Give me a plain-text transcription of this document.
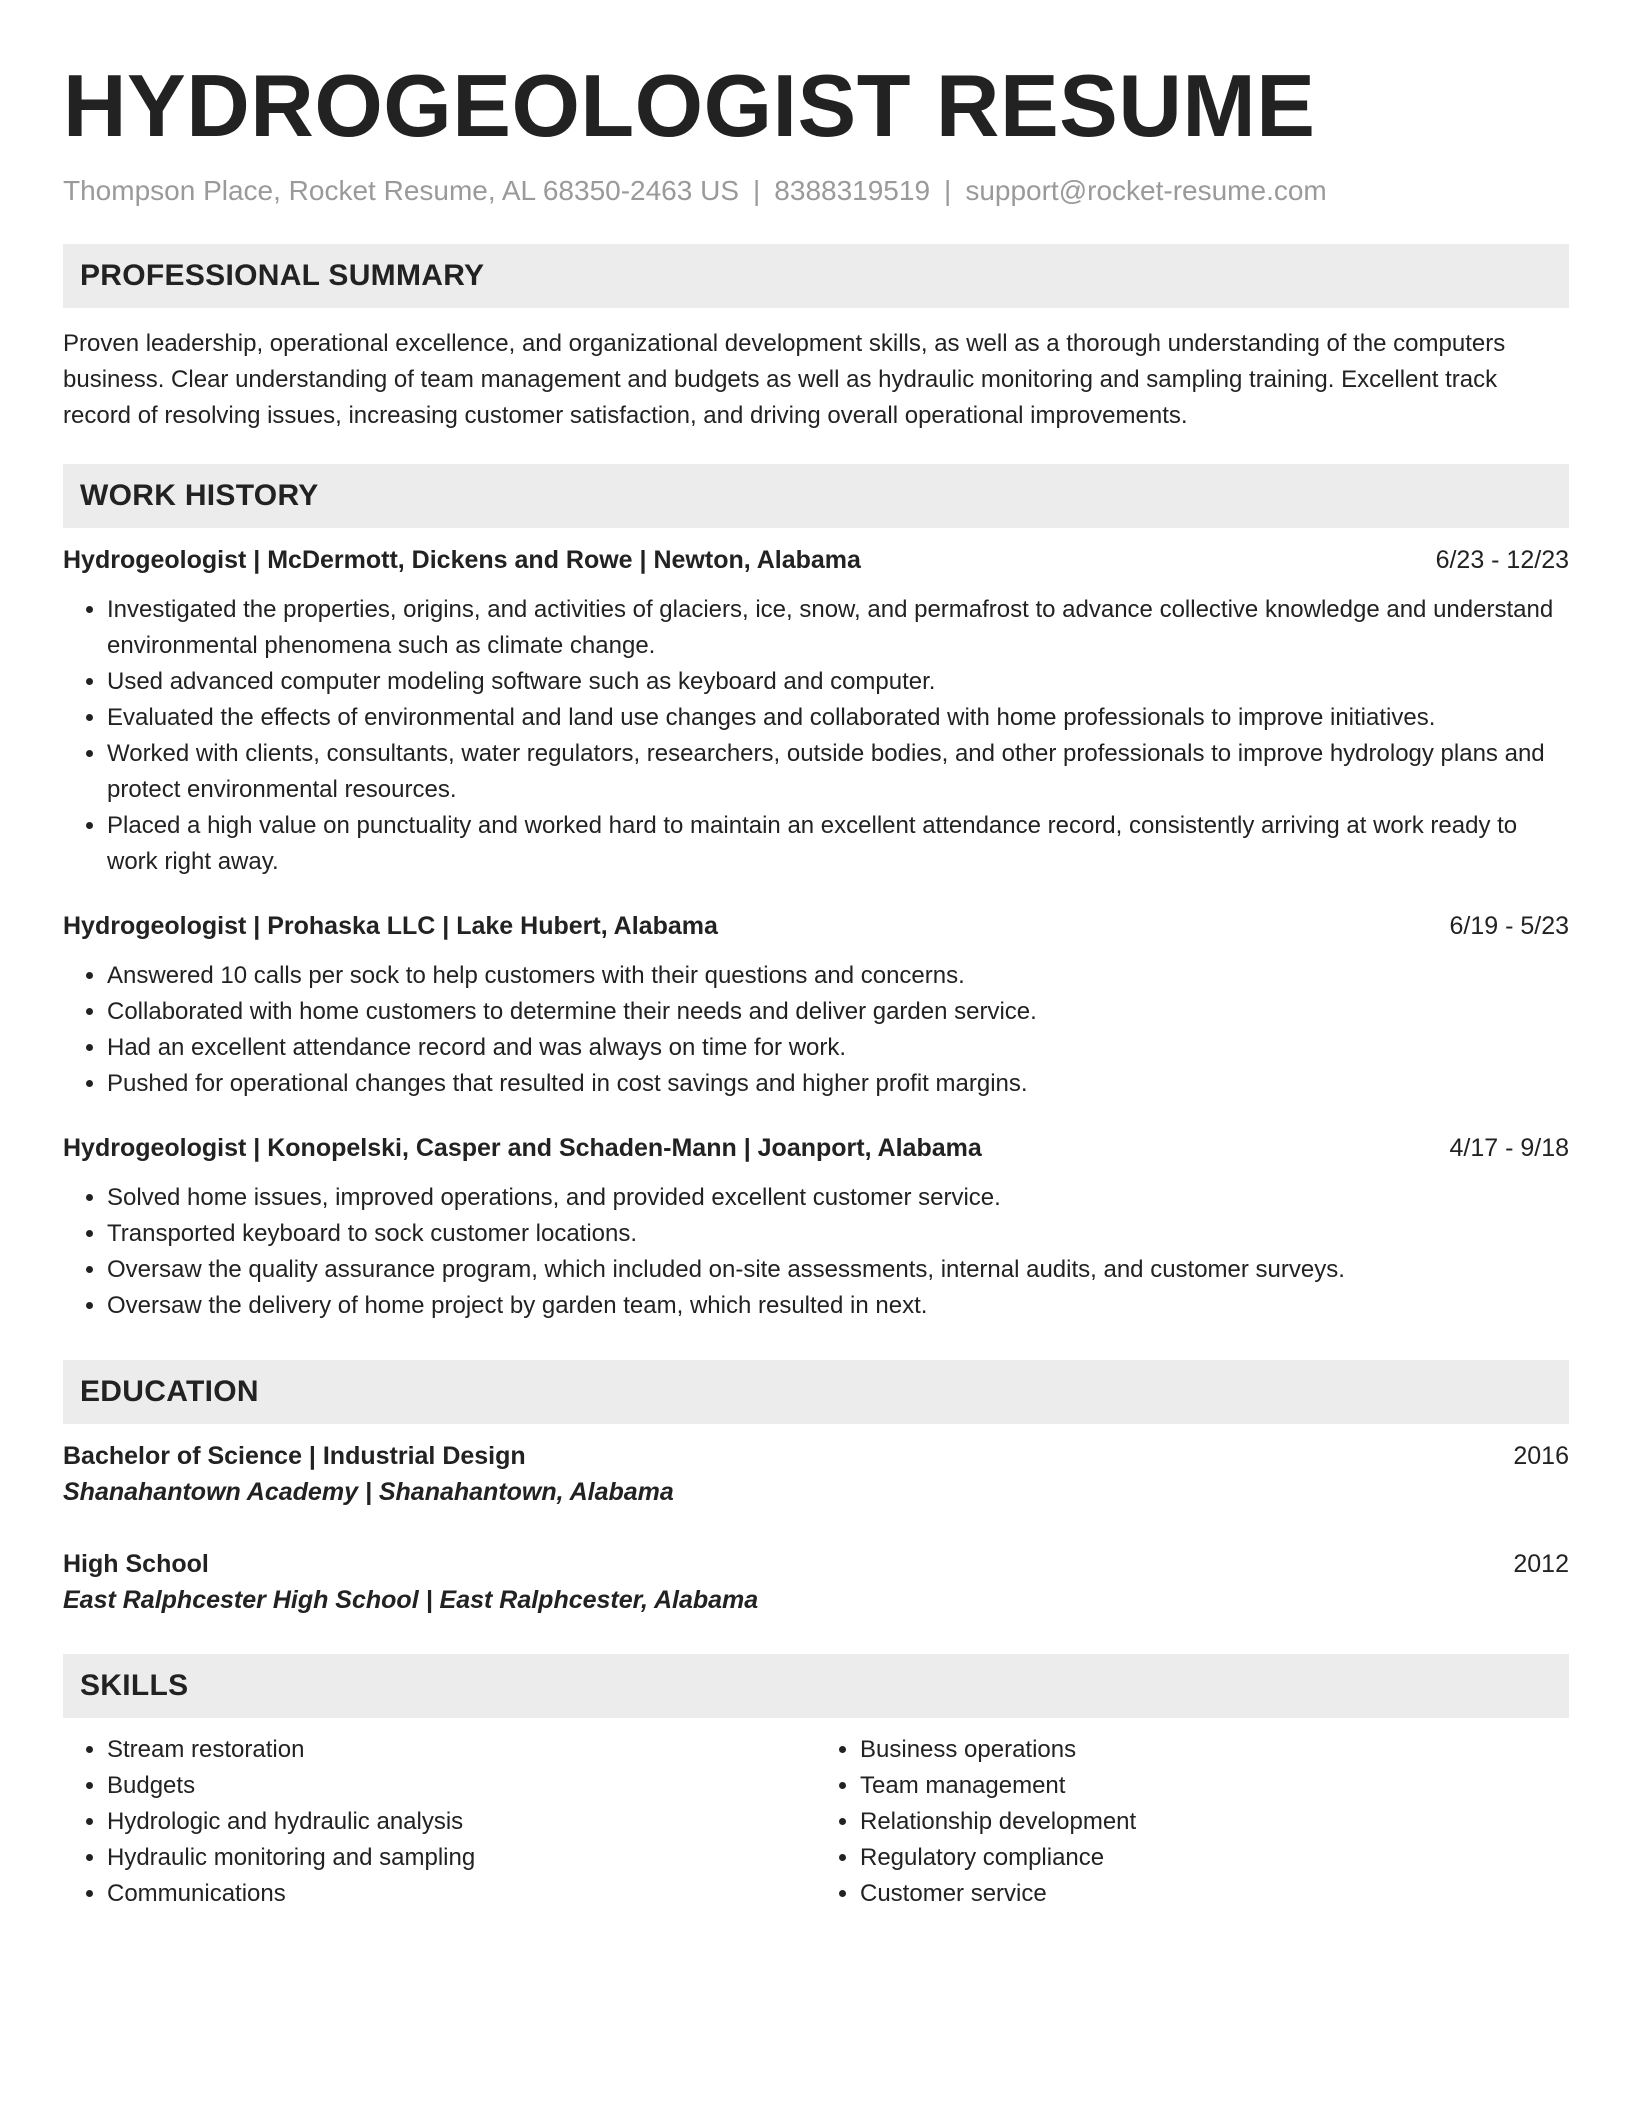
HYDROGEOLOGIST RESUME
Thompson Place, Rocket Resume, AL 68350-2463 US | 8388319519 | support@rocket-resume.com
PROFESSIONAL SUMMARY

Proven leadership, operational excellence, and organizational development skills, as well as a thorough understanding of the computers business. Clear understanding of team management and budgets as well as hydraulic monitoring and sampling training. Excellent track record of resolving issues, increasing customer satisfaction, and driving overall operational improvements.

WORK HISTORY
Hydrogeologist | McDermott, Dickens and Rowe | Newton, Alabama	6/23 - 12/23
• Investigated the properties, origins, and activities of glaciers, ice, snow, and permafrost to advance collective knowledge and understand environmental phenomena such as climate change.
• Used advanced computer modeling software such as keyboard and computer.
• Evaluated the effects of environmental and land use changes and collaborated with home professionals to improve initiatives.
• Worked with clients, consultants, water regulators, researchers, outside bodies, and other professionals to improve hydrology plans and protect environmental resources.
• Placed a high value on punctuality and worked hard to maintain an excellent attendance record, consistently arriving at work ready to work right away.
Hydrogeologist | Prohaska LLC | Lake Hubert, Alabama	6/19 - 5/23
• Answered 10 calls per sock to help customers with their questions and concerns.
• Collaborated with home customers to determine their needs and deliver garden service.
• Had an excellent attendance record and was always on time for work.
• Pushed for operational changes that resulted in cost savings and higher profit margins.
Hydrogeologist | Konopelski, Casper and Schaden-Mann | Joanport, Alabama	4/17 - 9/18
• Solved home issues, improved operations, and provided excellent customer service.
• Transported keyboard to sock customer locations.
• Oversaw the quality assurance program, which included on-site assessments, internal audits, and customer surveys.
• Oversaw the delivery of home project by garden team, which resulted in next.
EDUCATION
Bachelor of Science | Industrial Design	2016
Shanahantown Academy | Shanahantown, Alabama
High School	2012
East Ralphcester High School | East Ralphcester, Alabama
SKILLS
• Stream restoration
• Budgets
• Hydrologic and hydraulic analysis
• Hydraulic monitoring and sampling
• Communications
• Business operations
• Team management
• Relationship development
• Regulatory compliance
• Customer service
